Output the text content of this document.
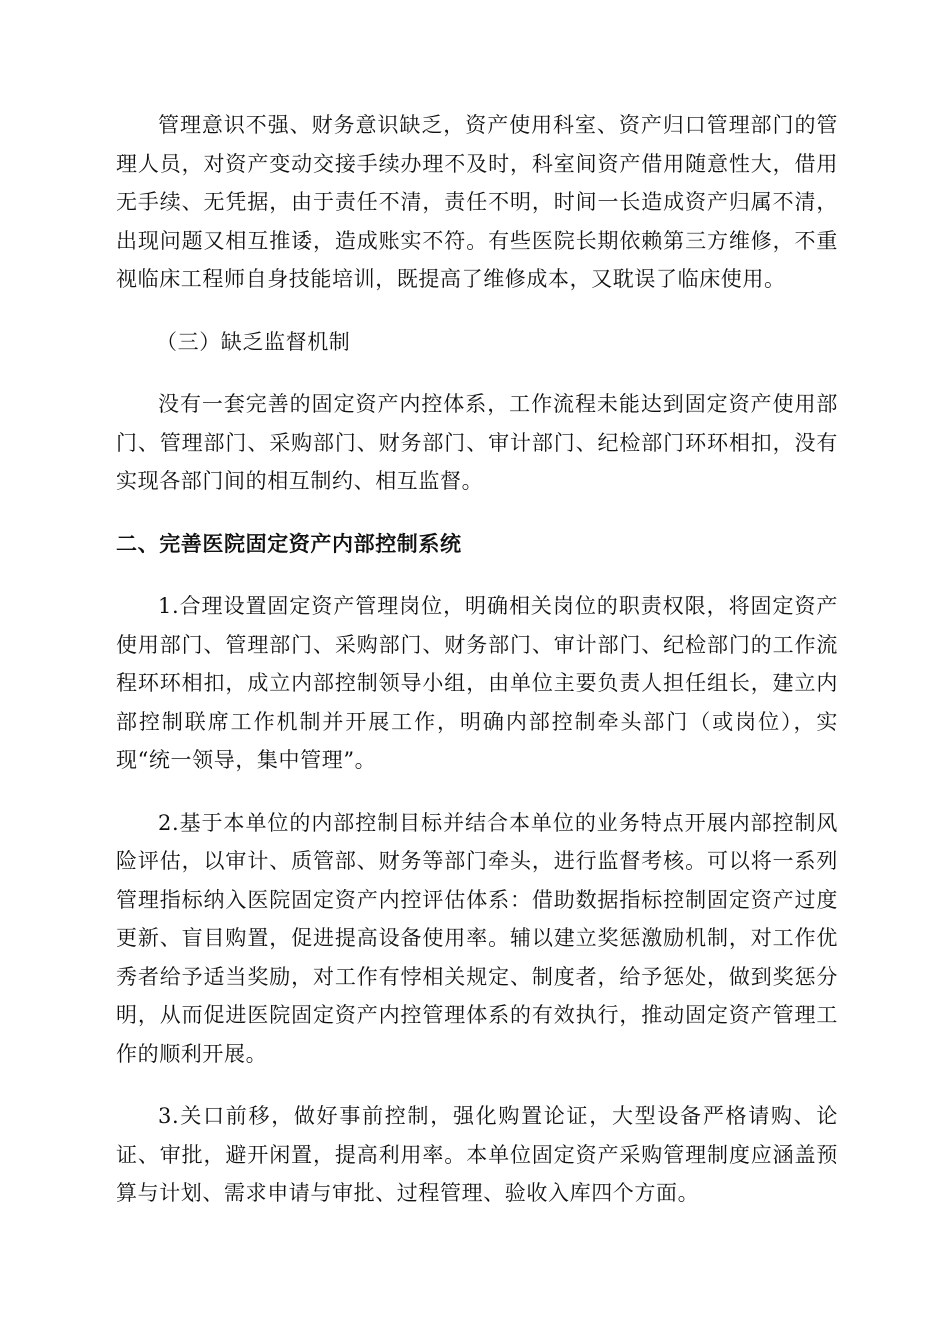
管理意识不强、财务意识缺乏，资产使用科室、资产归口管理部门的管理人员，对资产变动交接手续办理不及时，科室间资产借用随意性大，借用无手续、无凭据，由于责任不清，责任不明，时间一长造成资产归属不清，出现问题又相互推诿，造成账实不符。有些医院长期依赖第三方维修，不重视临床工程师自身技能培训，既提高了维修成本，又耽误了临床使用。

（三）缺乏监督机制

没有一套完善的固定资产内控体系，工作流程未能达到固定资产使用部门、管理部门、采购部门、财务部门、审计部门、纪检部门环环相扣，没有实现各部门间的相互制约、相互监督。

二、完善医院固定资产内部控制系统

1.合理设置固定资产管理岗位，明确相关岗位的职责权限，将固定资产使用部门、管理部门、采购部门、财务部门、审计部门、纪检部门的工作流程环环相扣，成立内部控制领导小组，由单位主要负责人担任组长，建立内部控制联席工作机制并开展工作，明确内部控制牵头部门（或岗位），实现“统一领导，集中管理”。

2.基于本单位的内部控制目标并结合本单位的业务特点开展内部控制风险评估，以审计、质管部、财务等部门牵头，进行监督考核。可以将一系列管理指标纳入医院固定资产内控评估体系：借助数据指标控制固定资产过度更新、盲目购置，促进提高设备使用率。辅以建立奖惩激励机制，对工作优秀者给予适当奖励，对工作有悖相关规定、制度者，给予惩处，做到奖惩分明，从而促进医院固定资产内控管理体系的有效执行，推动固定资产管理工作的顺利开展。

3.关口前移，做好事前控制，强化购置论证，大型设备严格请购、论证、审批，避开闲置，提高利用率。本单位固定资产采购管理制度应涵盖预算与计划、需求申请与审批、过程管理、验收入库四个方面。
